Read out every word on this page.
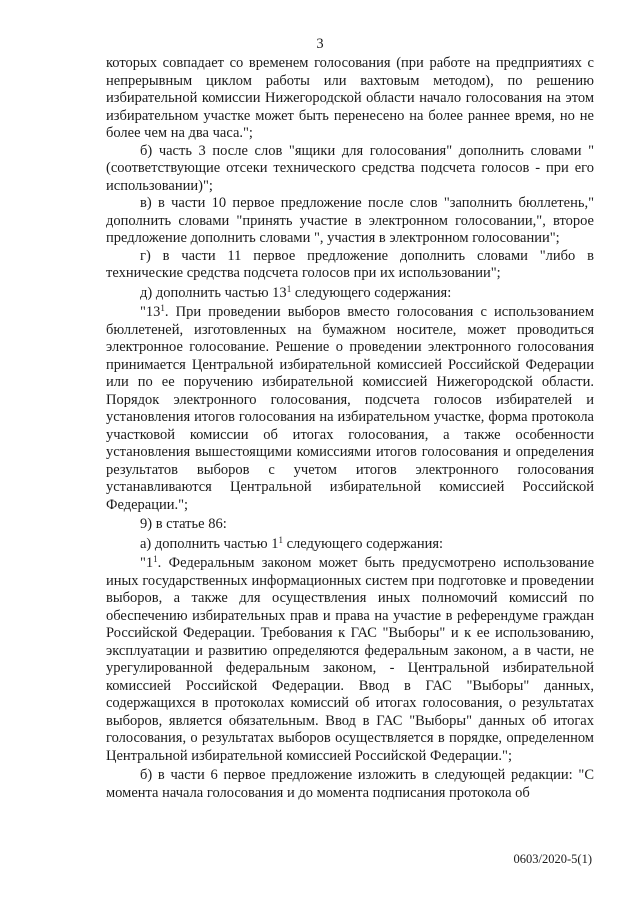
3

которых совпадает со временем голосования (при работе на предприятиях с непрерывным циклом работы или вахтовым методом), по решению избирательной комиссии Нижегородской области начало голосования на этом избирательном участке может быть перенесено на более раннее время, но не более чем на два часа.";

б) часть 3 после слов "ящики для голосования" дополнить словами "(соответствующие отсеки технического средства подсчета голосов - при его использовании)";

в) в части 10 первое предложение после слов "заполнить бюллетень," дополнить словами "принять участие в электронном голосовании,", второе предложение дополнить словами ", участия в электронном голосовании";

г) в части 11 первое предложение дополнить словами "либо в технические средства подсчета голосов при их использовании";

д) дополнить частью $13^1$ следующего содержания:

"$13^1$. При проведении выборов вместо голосования с использованием бюллетеней, изготовленных на бумажном носителе, может проводиться электронное голосование. Решение о проведении электронного голосования принимается Центральной избирательной комиссией Российской Федерации или по ее поручению избирательной комиссией Нижегородской области. Порядок электронного голосования, подсчета голосов избирателей и установления итогов голосования на избирательном участке, форма протокола участковой комиссии об итогах голосования, а также особенности установления вышестоящими комиссиями итогов голосования и определения результатов выборов с учетом итогов электронного голосования устанавливаются Центральной избирательной комиссией Российской Федерации.";

9) в статье 86:

а) дополнить частью $1^1$ следующего содержания:

"$1^1$. Федеральным законом может быть предусмотрено использование иных государственных информационных систем при подготовке и проведении выборов, а также для осуществления иных полномочий комиссий по обеспечению избирательных прав и права на участие в референдуме граждан Российской Федерации. Требования к ГАС "Выборы" и к ее использованию, эксплуатации и развитию определяются федеральным законом, а в части, не урегулированной федеральным законом, - Центральной избирательной комиссией Российской Федерации. Ввод в ГАС "Выборы" данных, содержащихся в протоколах комиссий об итогах голосования, о результатах выборов, является обязательным. Ввод в ГАС "Выборы" данных об итогах голосования, о результатах выборов осуществляется в порядке, определенном Центральной избирательной комиссией Российской Федерации.";

б) в части 6 первое предложение изложить в следующей редакции: "С момента начала голосования и до момента подписания протокола об

0603/2020-5(1)
